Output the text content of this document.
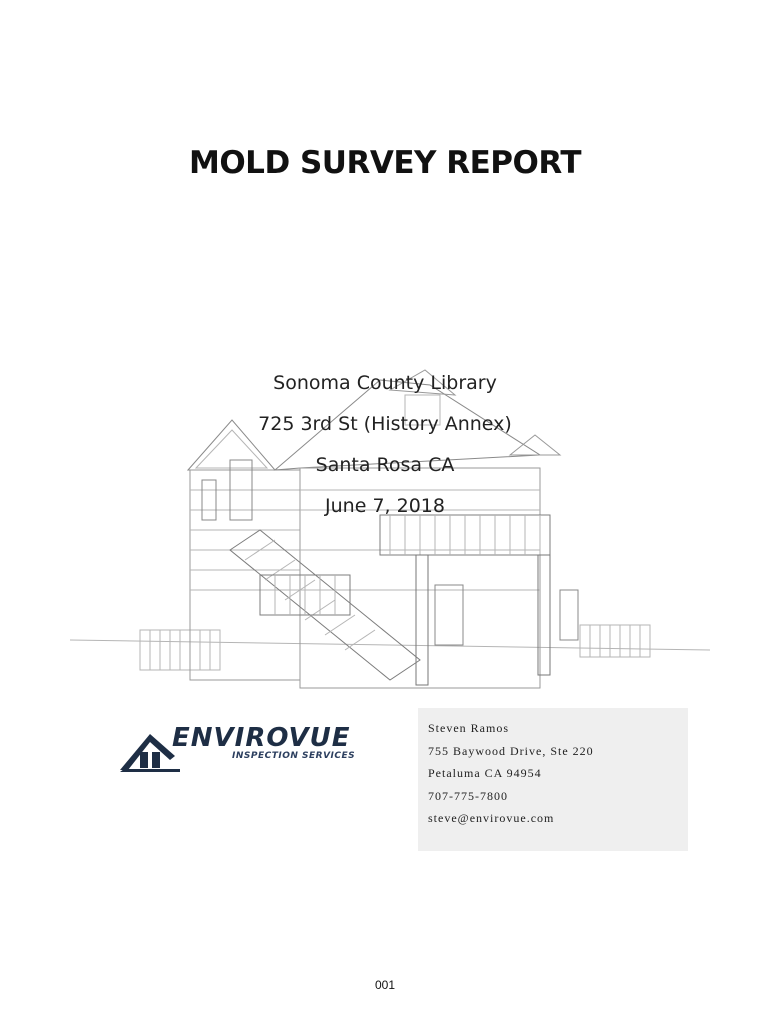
MOLD SURVEY REPORT
Sonoma County Library
725 3rd St (History Annex)
Santa Rosa CA
June 7, 2018
ENVIROVUE
INSPECTION SERVICES
Steven Ramos
755 Baywood Drive, Ste 220
Petaluma CA 94954
707-775-7800
steve@envirovue.com
001
